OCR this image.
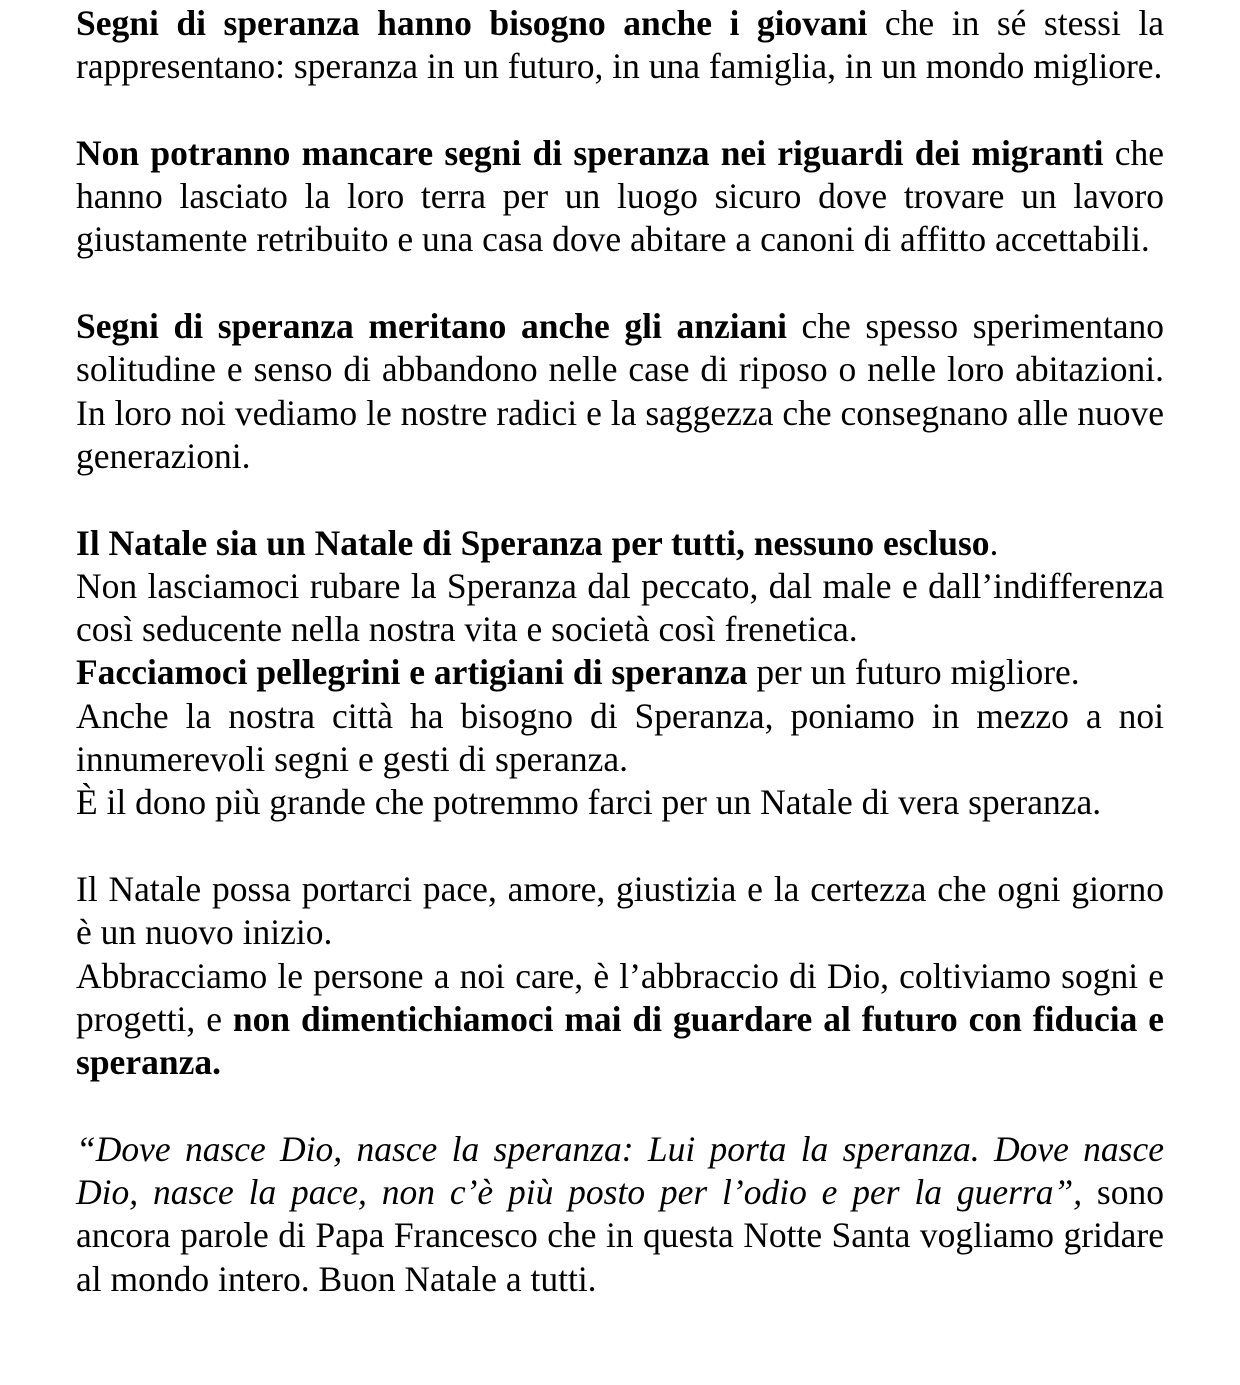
Segni di speranza hanno bisogno anche i giovani che in sé stessi la rappresentano: speranza in un futuro, in una famiglia, in un mondo migliore.

Non potranno mancare segni di speranza nei riguardi dei migranti che hanno lasciato la loro terra per un luogo sicuro dove trovare un lavoro giustamente retribuito e una casa dove abitare a canoni di affitto accettabili.

Segni di speranza meritano anche gli anziani che spesso sperimentano solitudine e senso di abbandono nelle case di riposo o nelle loro abitazioni. In loro noi vediamo le nostre radici e la saggezza che consegnano alle nuove generazioni.

Il Natale sia un Natale di Speranza per tutti, nessuno escluso.

Non lasciamoci rubare la Speranza dal peccato, dal male e dall’indifferenza così seducente nella nostra vita e società così frenetica.

Facciamoci pellegrini e artigiani di speranza per un futuro migliore.

Anche la nostra città ha bisogno di Speranza, poniamo in mezzo a noi innumerevoli segni e gesti di speranza.

È il dono più grande che potremmo farci per un Natale di vera speranza.

Il Natale possa portarci pace, amore, giustizia e la certezza che ogni giorno è un nuovo inizio.

Abbracciamo le persone a noi care, è l’abbraccio di Dio, coltiviamo sogni e progetti, e non dimentichiamoci mai di guardare al futuro con fiducia e speranza.

“Dove nasce Dio, nasce la speranza: Lui porta la speranza. Dove nasce Dio, nasce la pace, non c’è più posto per l’odio e per la guerra”, sono ancora parole di Papa Francesco che in questa Notte Santa vogliamo gridare al mondo intero. Buon Natale a tutti.
